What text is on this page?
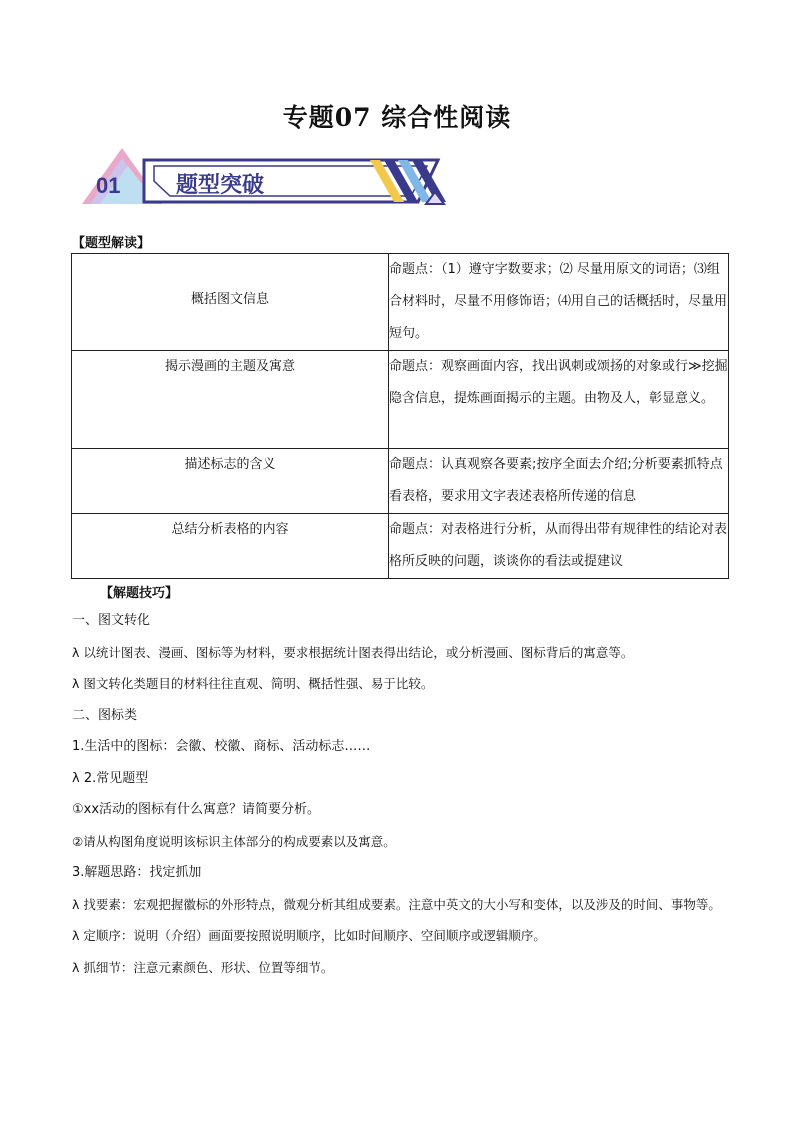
专题07 综合性阅读
01	题型突破
【题型解读】
概括图文信息	命题点：（1）遵守字数要求；⑵ 尽量用原文的词语；⑶组合材料时，尽量不用修饰语；⑷用自己的话概括时，尽量用短句。

揭示漫画的主题及寓意	命题点：观察画面内容，找出讽刺或颂扬的对象或行≫挖掘隐含信息，提炼画面揭示的主题。由物及人，彰显意义。

描述标志的含义	命题点：认真观察各要素;按序全面去介绍;分析要素抓特点看表格，要求用文字表述表格所传递的信息

总结分析表格的内容	命题点：对表格进行分析，从而得出带有规律性的结论对表格所反映的问题，谈谈你的看法或提建议
【解题技巧】

一、图文转化

λ 以统计图表、漫画、图标等为材料，要求根据统计图表得出结论，或分析漫画、图标背后的寓意等。

λ 图文转化类题目的材料往往直观、简明、概括性强、易于比较。

二、图标类

1.生活中的图标：会徽、校徽、商标、活动标志……

λ 2.常见题型

①xx活动的图标有什么寓意？请简要分析。

②请从构图角度说明该标识主体部分的构成要素以及寓意。

3.解题思路：找定抓加

λ 找要素：宏观把握徽标的外形特点，微观分析其组成要素。注意中英文的大小写和变体，以及涉及的时间、事物等。

λ 定顺序：说明（介绍）画面要按照说明顺序，比如时间顺序、空间顺序或逻辑顺序。

λ 抓细节：注意元素颜色、形状、位置等细节。
